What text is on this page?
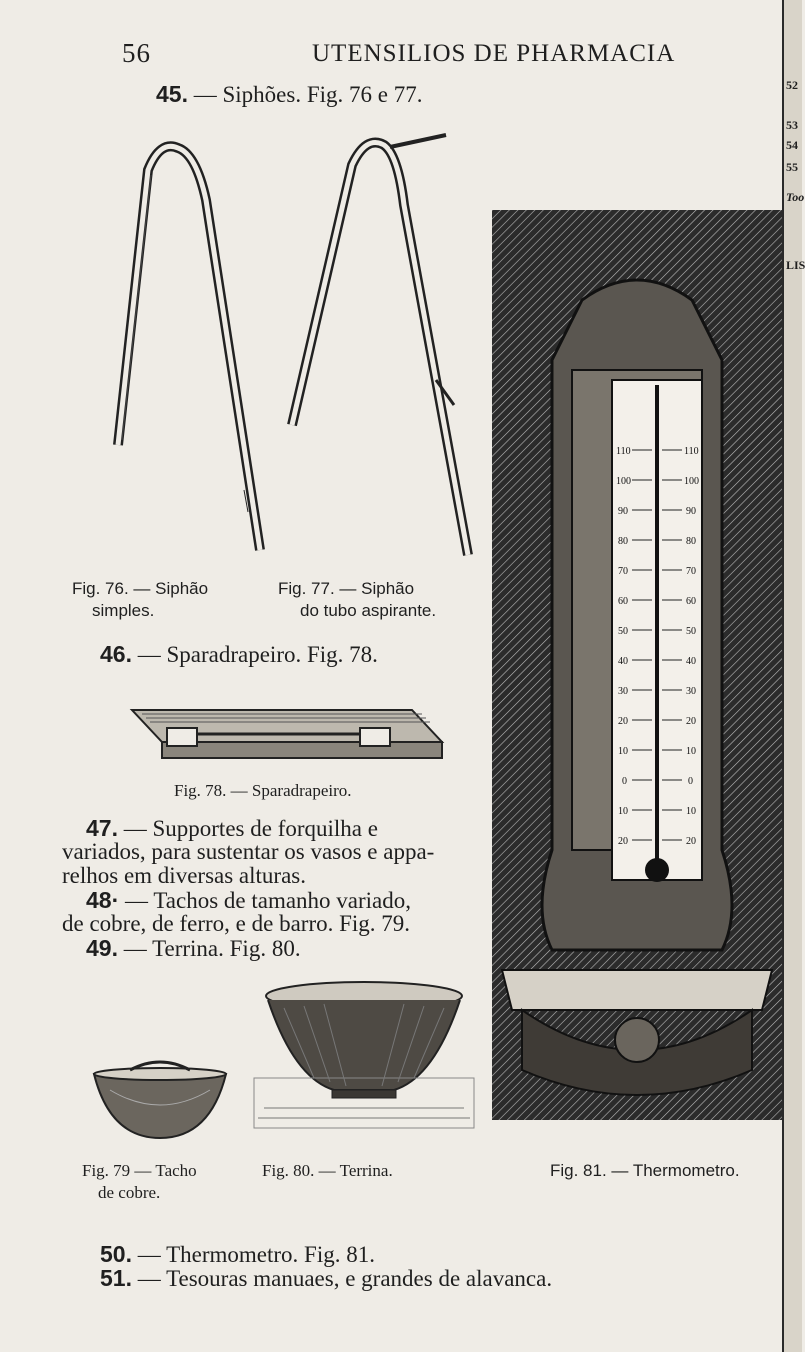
56	UTENSILIOS DE PHARMACIA
45. — Siphões. Fig. 76 e 77.
Fig. 76. — Siphão
simples.
Fig. 77. — Siphão
do tubo aspirante.
46. — Sparadrapeiro. Fig. 78.
Fig. 78. — Sparadrapeiro.
47. — Supportes de forquilha e
variados, para sustentar os vasos e appa-
relhos em diversas alturas.
48· — Tachos de tamanho variado,
de cobre, de ferro, e de barro. Fig. 79.
49. — Terrina. Fig. 80.
Fig. 79 — Tacho
de cobre.
Fig. 80. — Terrina.	Fig. 81. — Thermometro.
110
100
90
80
70
60
50
40
30
20
10
0
10
20
110
100
90
80
70
60
50
40
30
20
10
0
10
20
50. — Thermometro. Fig. 81.
51. — Tesouras manuaes, e grandes de alavanca.
52
53
54
55
Too
LIS
